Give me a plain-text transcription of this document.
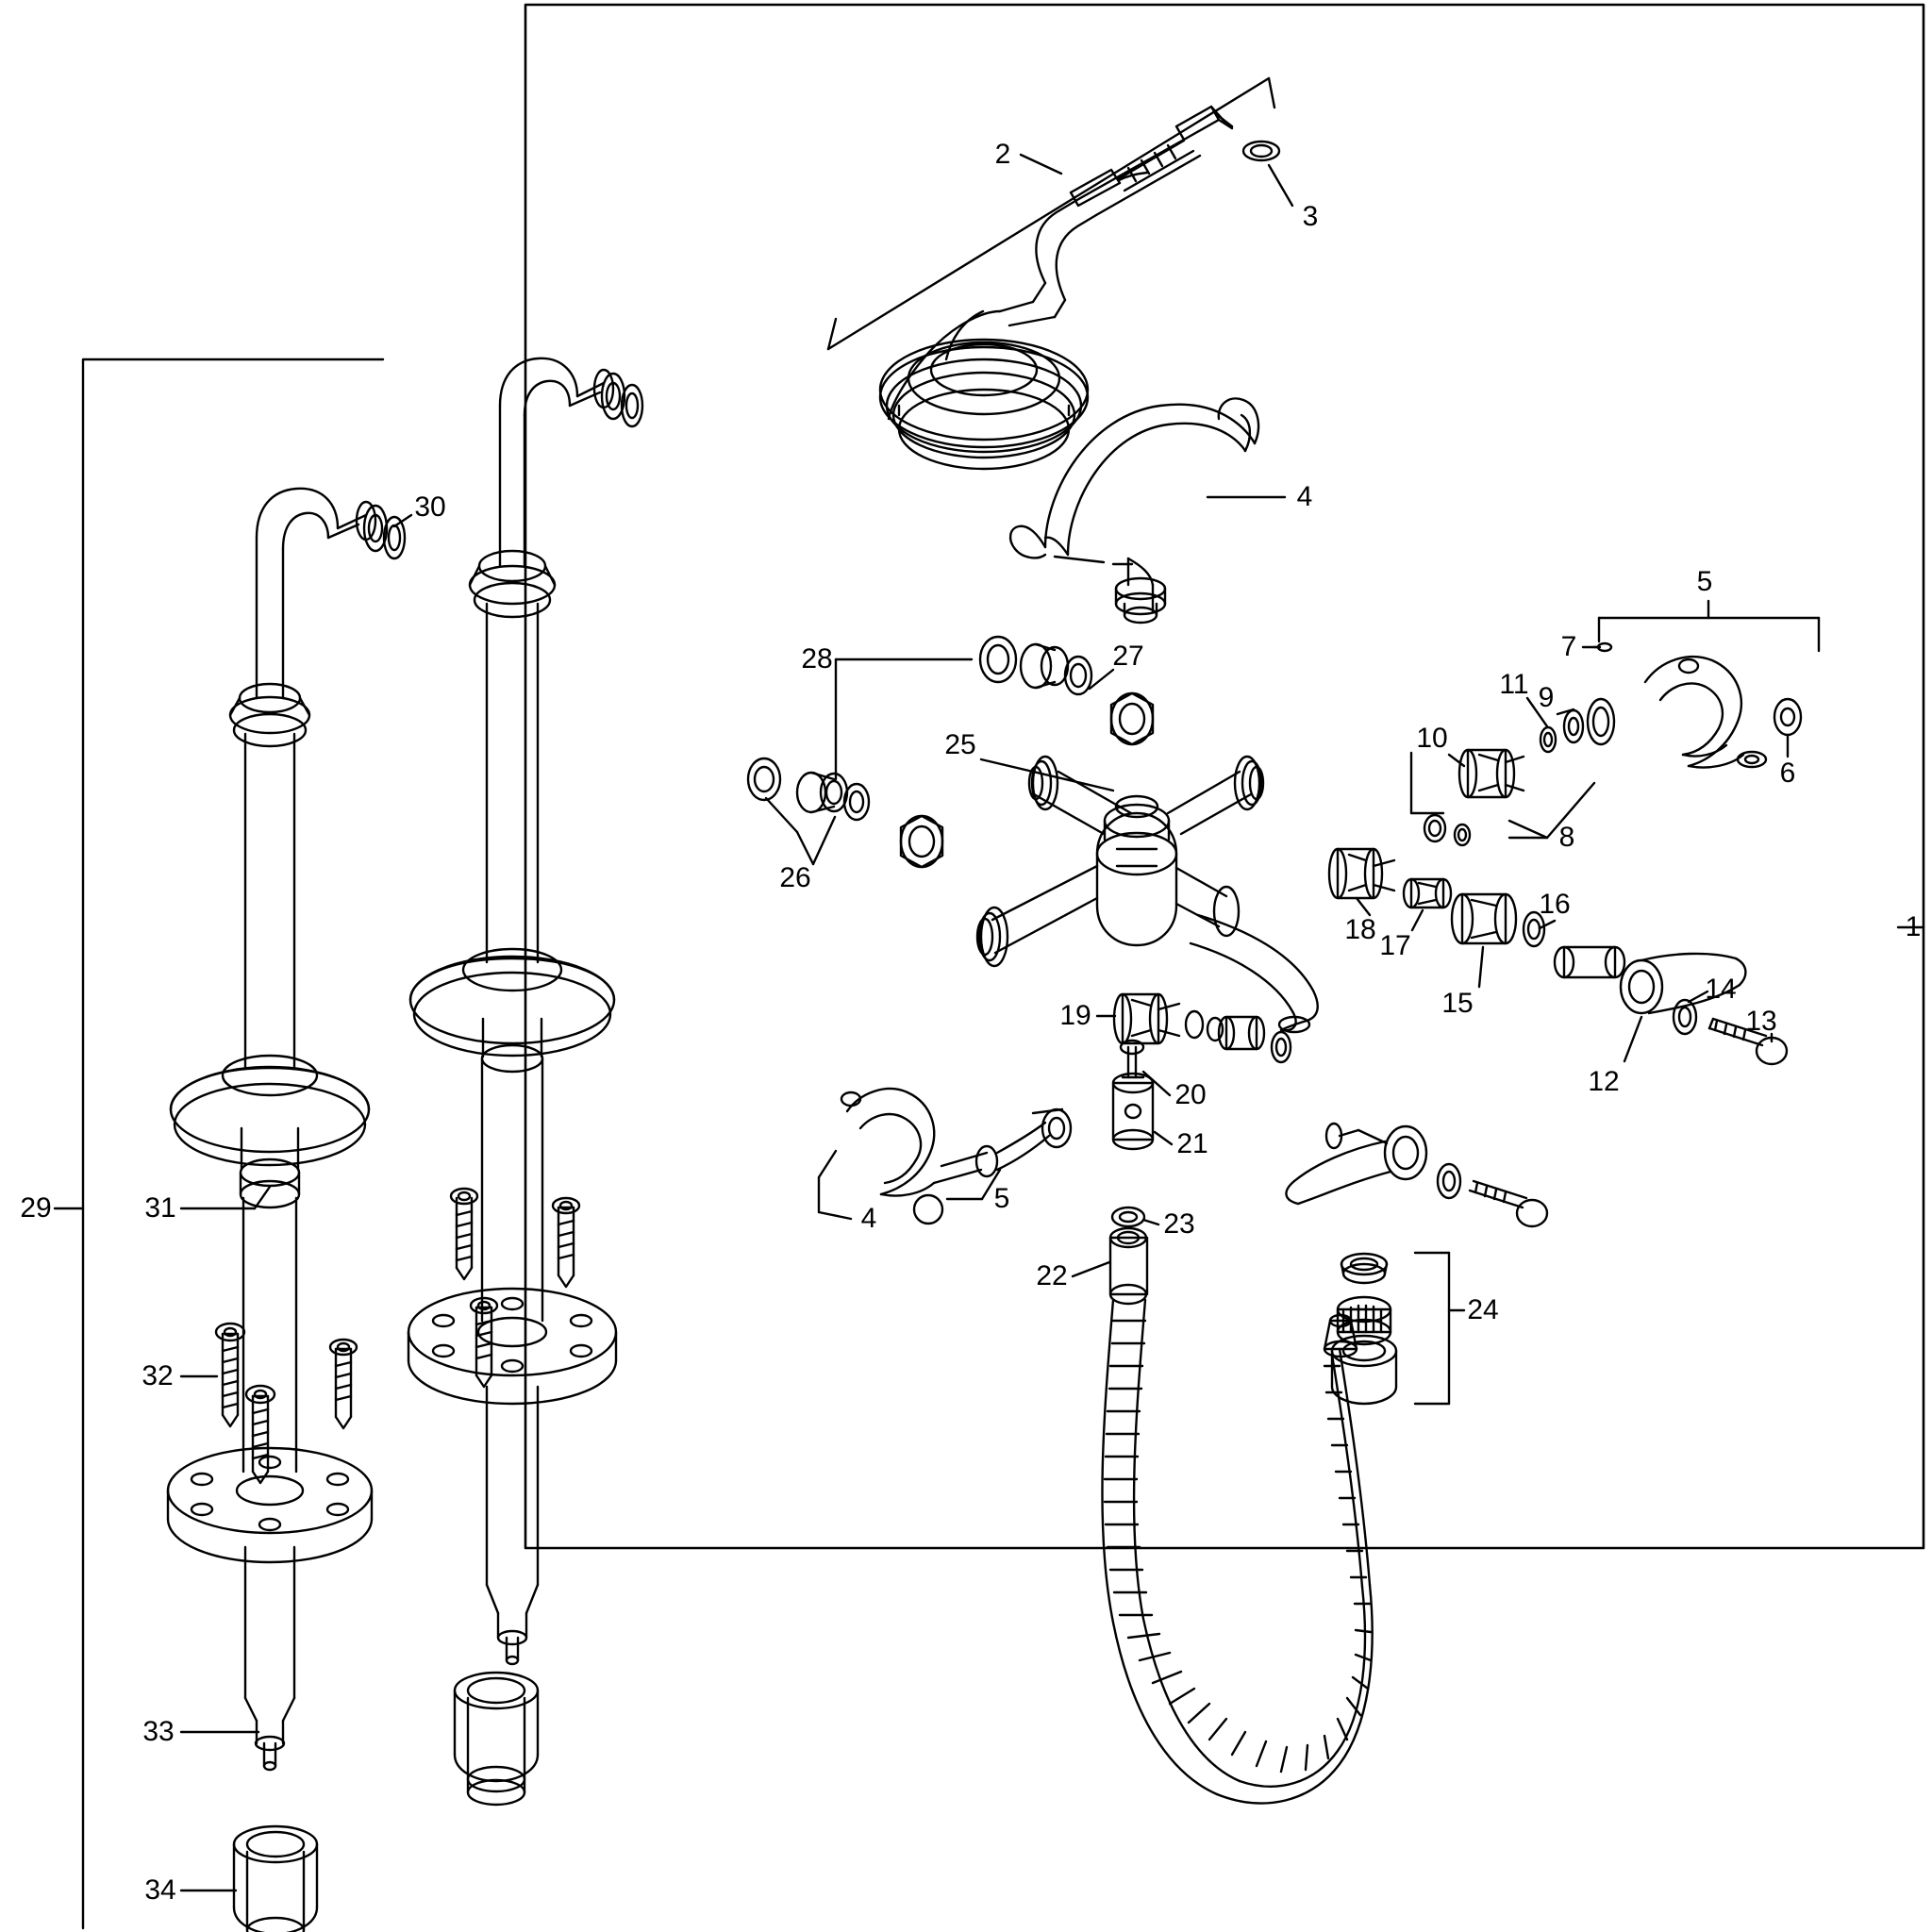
1
2
3
4
5
6
7
8
9
10
11
12
13
14
15
16
17
18
19
20
21
22
23
24
25
26
27
28
4
5
29
30
31
32
33
34
